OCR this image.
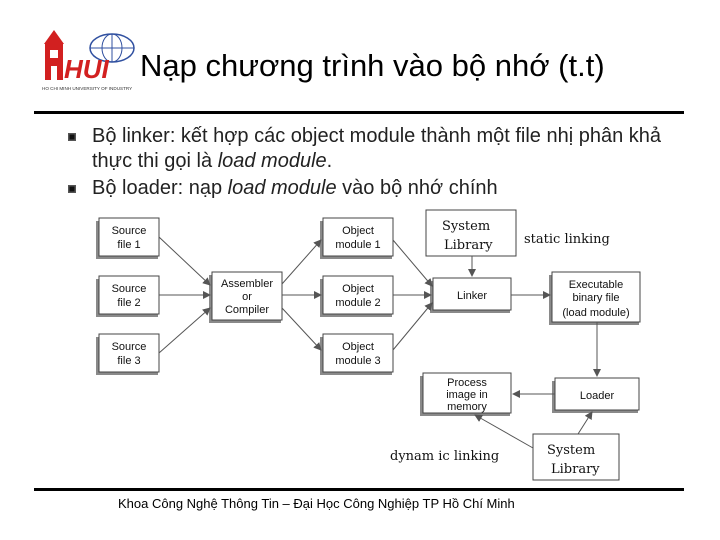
HUI
HO CHI MINH UNIVERSITY OF INDUSTRY
Nạp chương trình vào bộ nhớ (t.t)
Bộ linker: kết hợp các object module thành một file nhị phân khả thực thi gọi là load module.
Bộ loader: nạp load module vào bộ nhớ chính
Source
file 1
Source
file 2
Source
file 3
Assembler
or
Compiler
Object
module 1
Object
module 2
Object
module 3
Linker
System
Library static linking
Executable
binary file
(load module)
Loader
Process
image in
memory
System
Library
dynam ic linking
Khoa Công Nghệ Thông Tin – Đại Học Công Nghiệp TP Hồ Chí Minh
